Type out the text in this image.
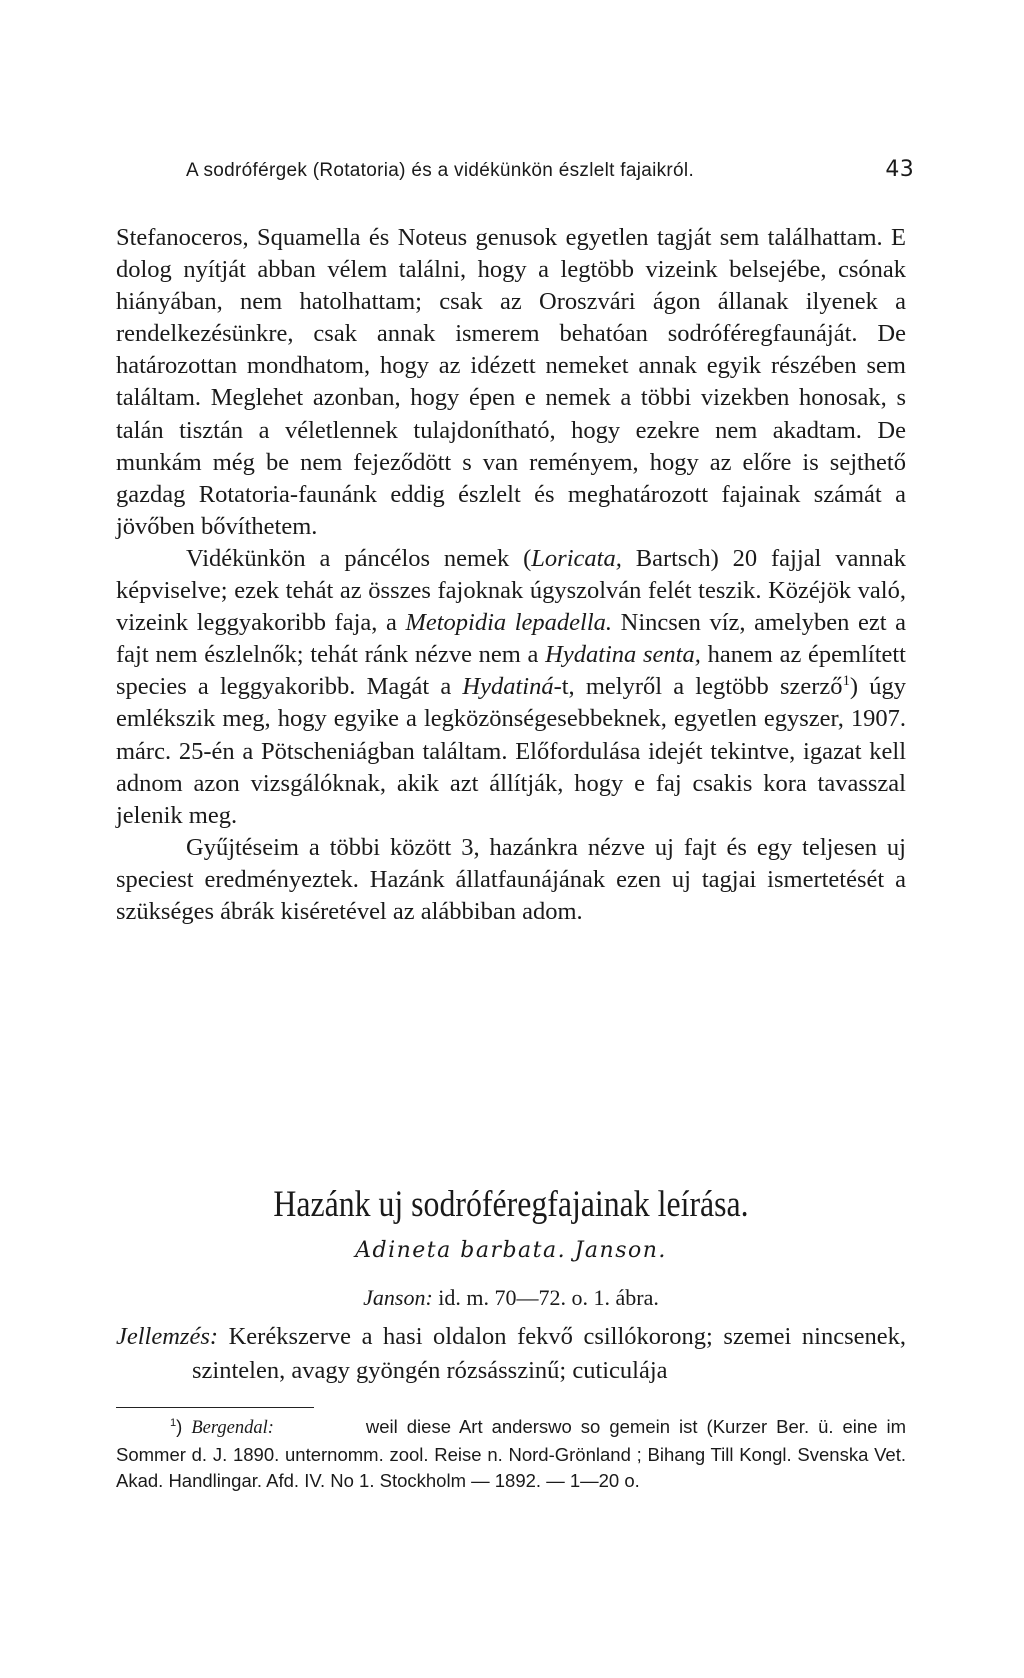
A sodróférgek (Rotatoria) és a vidékünkön észlelt fajaikról.	43

Stefanoceros, Squamella és Noteus genusok egyetlen tagját sem találhattam. E dolog nyítját abban vélem találni, hogy a legtöbb vizeink belsejébe, csónak hiányában, nem hatolhattam; csak az Oroszvári ágon állanak ilyenek a rendelkezésünkre, csak annak ismerem behatóan sodróféregfaunáját. De határozottan mondhatom, hogy az idézett nemeket annak egyik részében sem találtam. Meglehet azonban, hogy épen e nemek a többi vizekben honosak, s talán tisztán a véletlennek tulajdonítható, hogy ezekre nem akadtam. De munkám még be nem fejeződött s van reményem, hogy az előre is sejthető gazdag Rotatoria-faunánk eddig észlelt és meghatározott fajainak számát a jövőben bővíthetem.

Vidékünkön a páncélos nemek (Loricata, Bartsch) 20 fajjal vannak képviselve; ezek tehát az összes fajoknak úgyszolván felét teszik. Közéjök való, vizeink leggyakoribb faja, a Metopidia lepadella. Nincsen víz, amelyben ezt a fajt nem észlelnők; tehát ránk nézve nem a Hydatina senta, hanem az épemlített species a leggyakoribb. Magát a Hydatiná-t, melyről a legtöbb szerző$^1$) úgy emlékszik meg, hogy egyike a legközönségesebbeknek, egyetlen egyszer, 1907. márc. 25-én a Pötscheniágban találtam. Előfordulása idejét tekintve, igazat kell adnom azon vizsgálóknak, akik azt állítják, hogy e faj csakis kora tavasszal jelenik meg.

Gyűjtéseim a többi között 3, hazánkra nézve uj fajt és egy teljesen uj speciest eredményeztek. Hazánk állatfaunájának ezen uj tagjai ismertetését a szükséges ábrák kiséretével az alábbiban adom.

Hazánk uj sodróféregfajainak leírása.
Adineta barbata. Janson.
Janson: id. m. 70—72. o. 1. ábra.
Jellemzés: Kerékszerve a hasi oldalon fekvő csillókorong; szemei nincsenek, szintelen, avagy gyöngén rózsásszinű; cuticulája

$^1$) Bergendal:	weil diese Art anderswo so gemein ist (Kurzer Ber. ü. eine im Sommer d. J. 1890. unternomm. zool. Reise n. Nord-Grönland ; Bihang Till Kongl. Svenska Vet. Akad. Handlingar. Afd. IV. No 1. Stockholm — 1892. — 1—20 o.
